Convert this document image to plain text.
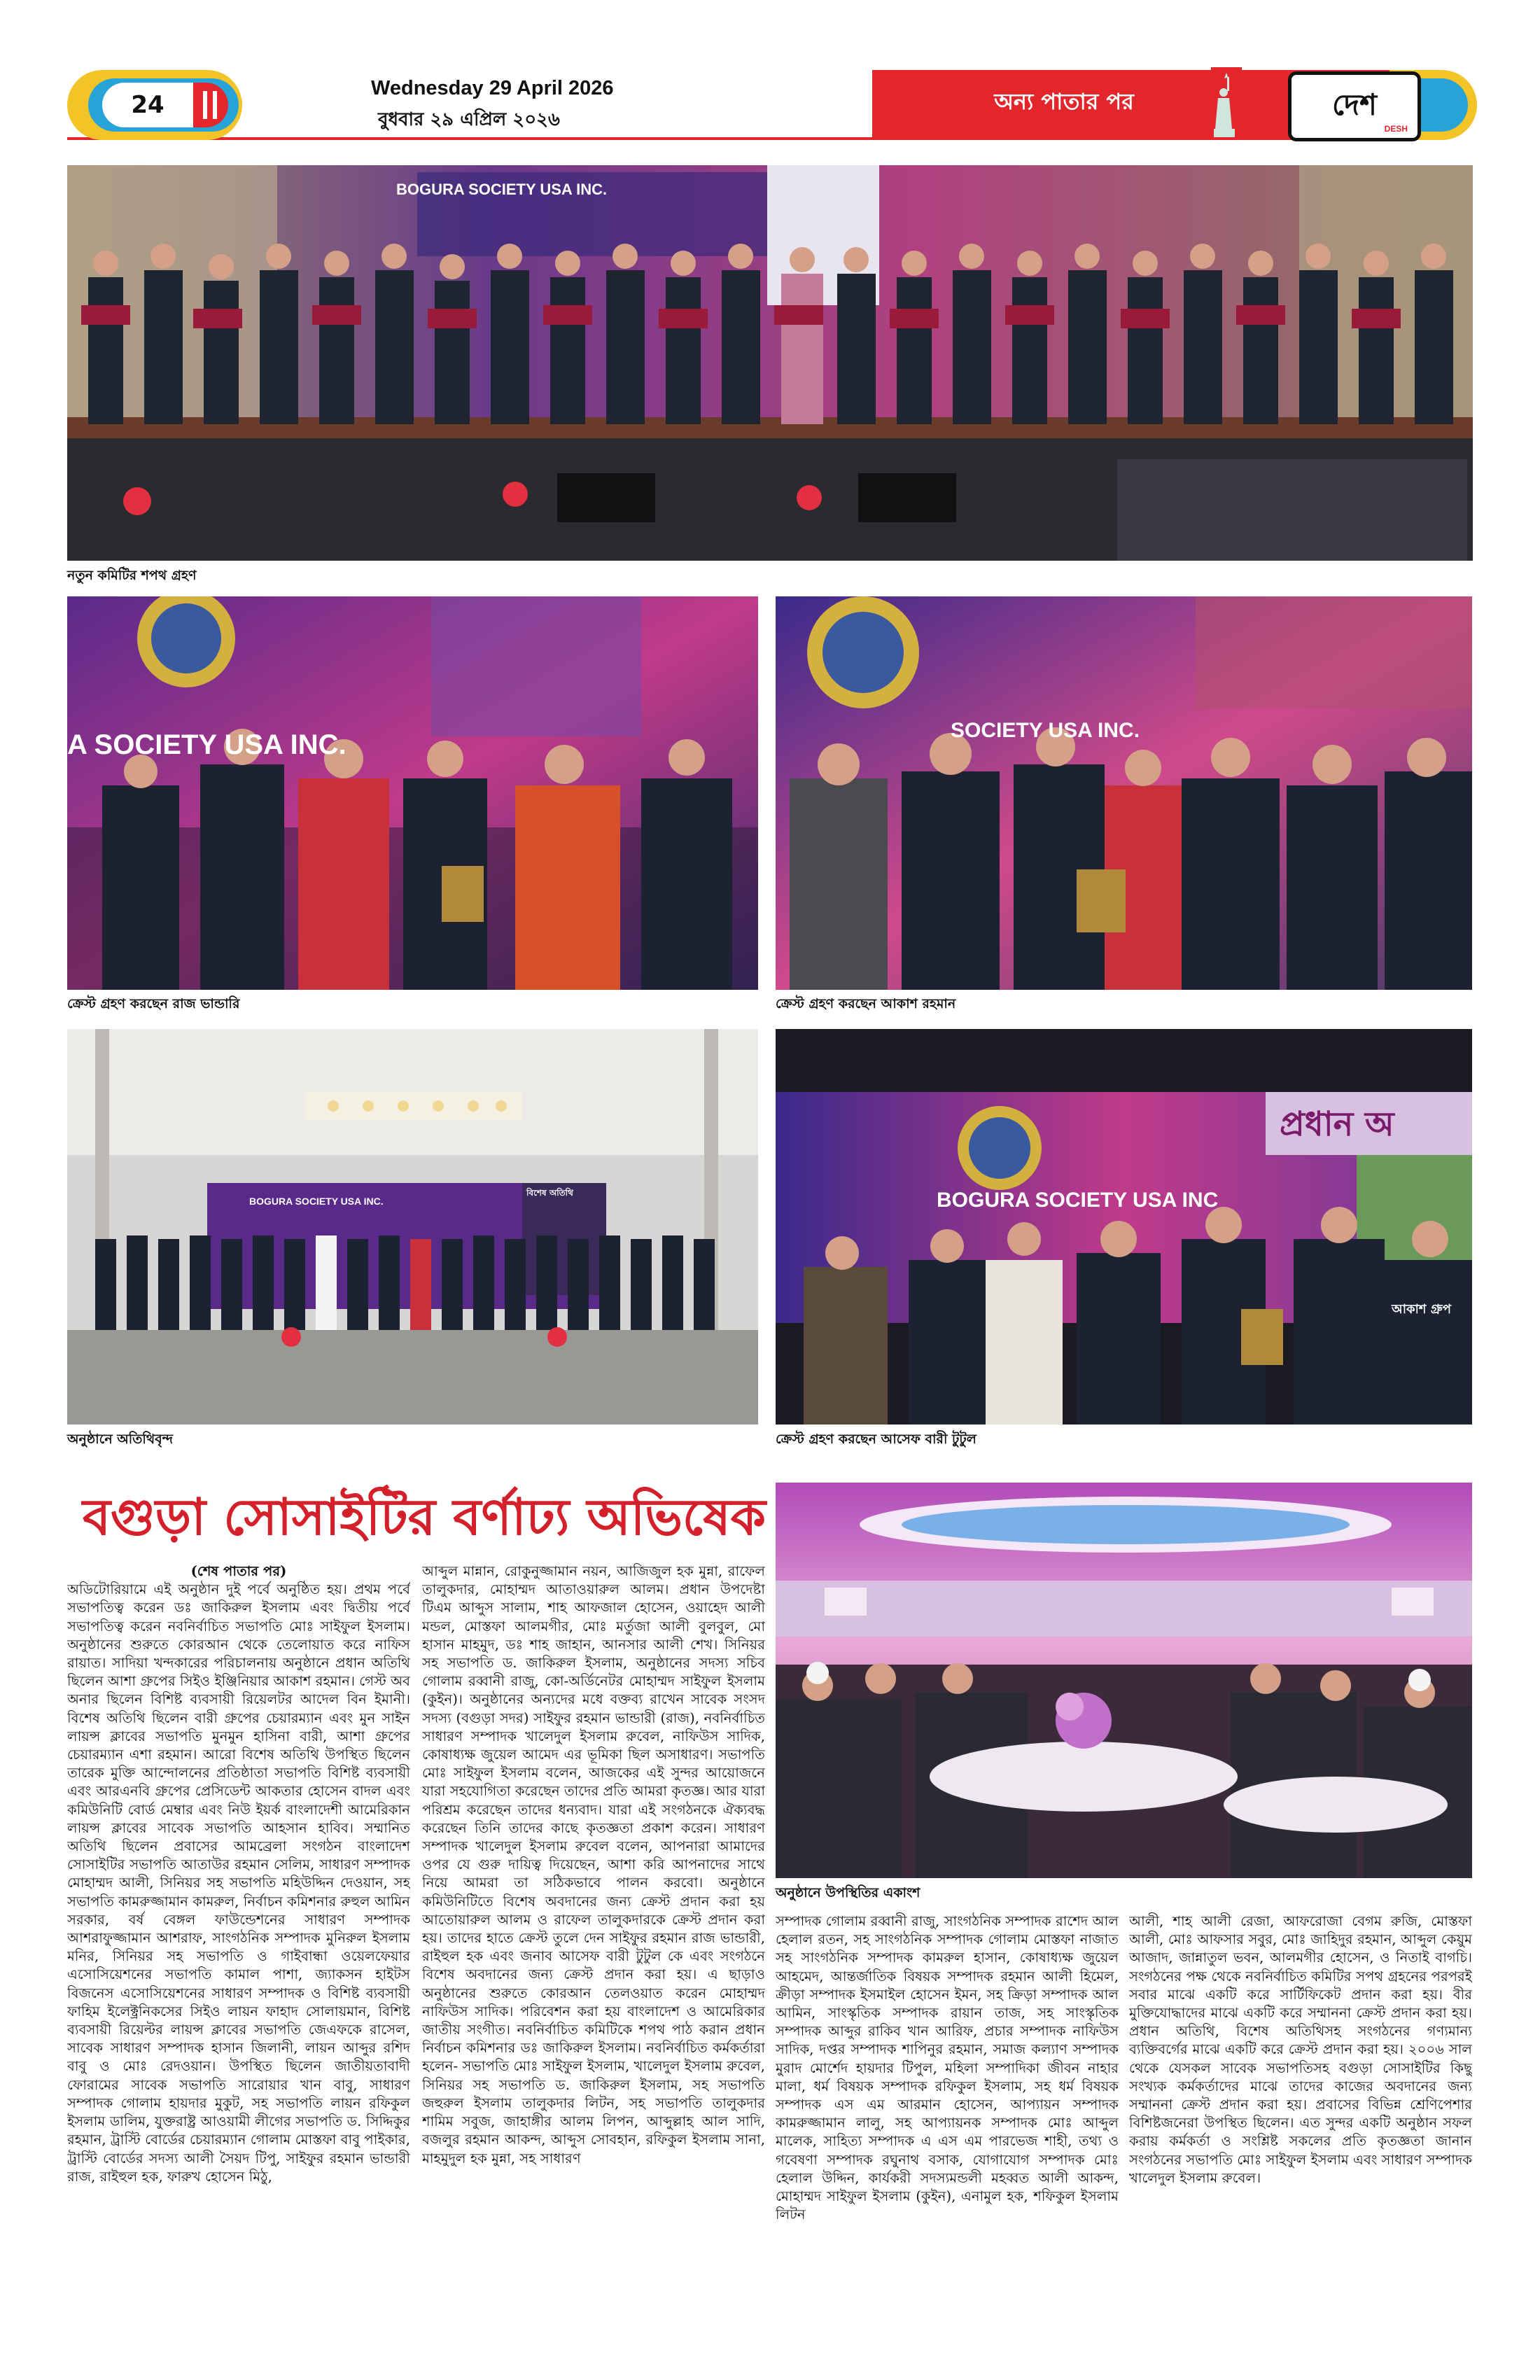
24
Wednesday 29 April 2026
বুধবার ২৯ এপ্রিল ২০২৬
অন্য পাতার পর	দেশ
DESH
BOGURA SOCIETY USA INC.
নতুন কমিটির শপথ গ্রহণ
A SOCIETY USA INC.
ক্রেস্ট গ্রহণ করছেন রাজ ভান্ডারি
SOCIETY USA INC.
ক্রেস্ট গ্রহণ করছেন আকাশ রহমান
BOGURA SOCIETY USA INC.
বিশেষ অতিথি
অনুষ্ঠানে অতিথিবৃন্দ
BOGURA SOCIETY USA INC
প্রধান অ
আকাশ গ্রুপ
ক্রেস্ট গ্রহণ করছেন আসেফ বারী টুটুল
বগুড়া সোসাইটির বর্ণাঢ্য অভিষেক
অনুষ্ঠানে উপস্থিতির একাংশ

(শেষ পাতার পর)

অডিটোরিয়ামে এই অনুষ্ঠান দুই পর্বে অনুষ্ঠিত হয়। প্রথম পর্বে সভাপতিত্ব করেন ডঃ জাকিরুল ইসলাম এবং দ্বিতীয় পর্বে সভাপতিত্ব করেন নবনির্বাচিত সভাপতি মোঃ সাইফুল ইসলাম। অনুষ্ঠানের শুরুতে কোরআন থেকে তেলোয়াত করে নাফিস রায়াত। সাদিয়া খন্দকারের পরিচালনায় অনুষ্ঠানে প্রধান অতিথি ছিলেন আশা গ্রুপের সিইও ইঞ্জিনিয়ার আকাশ রহমান। গেস্ট অব অনার ছিলেন বিশিষ্ট ব্যবসায়ী রিয়েলটর আদেল বিন ইমানী। বিশেষ অতিথি ছিলেন বারী গ্রুপের চেয়ারম্যান এবং মুন সাইন লায়ন্স ক্লাবের সভাপতি মুনমুন হাসিনা বারী, আশা গ্রুপের চেয়ারম্যান এশা রহমান। আরো বিশেষ অতিথি উপস্থিত ছিলেন তারেক মুক্তি আন্দোলনের প্রতিষ্ঠাতা সভাপতি বিশিষ্ট ব্যবসায়ী এবং আরএনবি গ্রুপের প্রেসিডেন্ট আকতার হোসেন বাদল এবং কমিউনিটি বোর্ড মেম্বার এবং নিউ ইয়র্ক বাংলাদেশী আমেরিকান লায়ন্স ক্লাবের সাবেক সভাপতি আহসান হাবিব। সম্মানিত অতিথি ছিলেন প্রবাসের আমব্রেলা সংগঠন বাংলাদেশ সোসাইটির সভাপতি আতাউর রহমান সেলিম, সাধারণ সম্পাদক মোহাম্মদ আলী, সিনিয়র সহ সভাপতি মহিউদ্দিন দেওয়ান, সহ সভাপতি কামরুজ্জামান কামরুল, নির্বাচন কমিশনার রুহুল আমিন সরকার, বর্ষ বেঙ্গল ফাউন্ডেশনের সাধারণ সম্পাদক আশরাফুজ্জামান আশরাফ, সাংগঠনিক সম্পাদক মুনিরুল ইসলাম মনির, সিনিয়র সহ সভাপতি ও গাইবান্ধা ওয়েলফেয়ার এসোসিয়েশনের সভাপতি কামাল পাশা, জ্যাকসন হাইটস বিজনেস এসোসিয়েশনের সাধারণ সম্পাদক ও বিশিষ্ট ব্যবসায়ী ফাহিম ইলেক্ট্রনিকসের সিইও লায়ন ফাহাদ সোলায়মান, বিশিষ্ট ব্যবসায়ী রিয়েল্টর লায়ন্স ক্লাবের সভাপতি জেএফকে রাসেল, সাবেক সাধারণ সম্পাদক হাসান জিলানী, লায়ন আব্দুর রশিদ বাবু ও মোঃ রেদওয়ান। উপস্থিত ছিলেন জাতীয়তাবাদী ফোরামের সাবেক সভাপতি সারোয়ার খান বাবু, সাধারণ সম্পাদক গোলাম হায়দার মুকুট, সহ সভাপতি লায়ন রফিকুল ইসলাম ডালিম, যুক্তরাষ্ট্র আওয়ামী লীগের সভাপতি ড. সিদ্দিকুর রহমান, ট্রাস্টি বোর্ডের চেয়ারম্যান গোলাম মোস্তফা বাবু পাইকার, ট্রাস্টি বোর্ডের সদস্য আলী সৈয়দ টিপু, সাইফুর রহমান ভান্ডারী রাজ, রাইহুল হক, ফারুখ হোসেন মিঠু,

আব্দুল মান্নান, রোকুনুজ্জামান নয়ন, আজিজুল হক মুন্না, রাফেল তালুকদার, মোহাম্মদ আতাওয়ারুল আলম। প্রধান উপদেষ্টা টিএম আব্দুস সালাম, শাহ আফজাল হোসেন, ওয়াহেদ আলী মন্ডল, মোস্তফা আলমগীর, মোঃ মর্তুজা আলী বুলবুল, মো হাসান মাহমুদ, ডঃ শাহ জাহান, আনসার আলী শেখ। সিনিয়র সহ সভাপতি ড. জাকিরুল ইসলাম, অনুষ্ঠানের সদস্য সচিব গোলাম রব্বানী রাজু, কো-অর্ডিনেটর মোহাম্মদ সাইফুল ইসলাম (কুইন)। অনুষ্ঠানের অন্যদের মধে বক্তব্য রাখেন সাবেক সংসদ সদস্য (বগুড়া সদর) সাইফুর রহমান ভান্ডারী (রাজ), নবনির্বাচিত সাধারণ সম্পাদক খালেদুল ইসলাম রুবেল, নাফিউস সাদিক, কোষাধ্যক্ষ জুয়েল আমেদ এর ভূমিকা ছিল অসাধারণ। সভাপতি মোঃ সাইফুল ইসলাম বলেন, আজকের এই সুন্দর আয়োজনে যারা সহযোগিতা করেছেন তাদের প্রতি আমরা কৃতজ্ঞ। আর যারা পরিশ্রম করেছেন তাদের ধন্যবাদ। যারা এই সংগঠনকে ঐক্যবদ্ধ করেছেন তিনি তাদের কাছে কৃতজ্ঞতা প্রকাশ করেন। সাধারণ সম্পাদক খালেদুল ইসলাম রুবেল বলেন, আপনারা আমাদের ওপর যে গুরু দায়িত্ব দিয়েছেন, আশা করি আপনাদের সাথে নিয়ে আমরা তা সঠিকভাবে পালন করবো। অনুষ্ঠানে কমিউনিটিতে বিশেষ অবদানের জন্য ক্রেস্ট প্রদান করা হয় আতোয়ারুল আলম ও রাফেল তালুকদারকে ক্রেস্ট প্রদান করা হয়। তাদের হাতে ক্রেস্ট তুলে দেন সাইফুর রহমান রাজ ভান্ডারী, রাইহুল হক এবং জনাব আসেফ বারী টুটুল কে এবং সংগঠনে বিশেষ অবদানের জন্য ক্রেস্ট প্রদান করা হয়। এ ছাড়াও অনুষ্ঠানের শুরুতে কোরআন তেলওয়াত করেন মোহাম্মদ নাফিউস সাদিক। পরিবেশন করা হয় বাংলাদেশ ও আমেরিকার জাতীয় সংগীত। নবনির্বাচিত কমিটিকে শপথ পাঠ করান প্রধান নির্বাচন কমিশনার ডঃ জাকিরুল ইসলাম। নবনির্বাচিত কর্মকর্তারা হলেন- সভাপতি মোঃ সাইফুল ইসলাম, খালেদুল ইসলাম রুবেল, সিনিয়র সহ সভাপতি ড. জাকিরুল ইসলাম, সহ সভাপতি জহুরুল ইসলাম তালুকদার লিটন, সহ সভাপতি তালুকদার শামিম সবুজ, জাহাঙ্গীর আলম লিপন, আব্দুল্লাহ আল সাদি, বজলুর রহমান আকন্দ, আব্দুস সোবহান, রফিকুল ইসলাম সানা, মাহমুদুল হক মুন্না, সহ সাধারণ

সম্পাদক গোলাম রব্বানী রাজু, সাংগঠনিক সম্পাদক রাশেদ আল হেলাল রতন, সহ সাংগঠনিক সম্পাদক গোলাম মোস্তফা নাজাত সহ সাংগঠনিক সম্পাদক কামরুল হাসান, কোষাধ্যক্ষ জুয়েল আহমেদ, আন্তর্জাতিক বিষয়ক সম্পাদক রহমান আলী হিমেল, ক্রীড়া সম্পাদক ইসমাইল হোসেন ইমন, সহ ক্রিড়া সম্পাদক আল আমিন, সাংস্কৃতিক সম্পাদক রায়ান তাজ, সহ সাংস্কৃতিক সম্পাদক আব্দুর রাকিব খান আরিফ, প্রচার সম্পাদক নাফিউস সাদিক, দপ্তর সম্পাদক শাপিনুর রহমান, সমাজ কল্যাণ সম্পাদক মুরাদ মোর্শেদ হায়দার টিপুল, মহিলা সম্পাদিকা জীবন নাহার মালা, ধর্ম বিষয়ক সম্পাদক রফিকুল ইসলাম, সহ ধর্ম বিষয়ক সম্পাদক এস এম আরমান হোসেন, আপ্যায়ন সম্পাদক কামরুজ্জামান লালু, সহ আপ্যায়নক সম্পাদক মোঃ আব্দুল মালেক, সাহিত্য সম্পাদক এ এস এম পারভেজ শাহী, তথ্য ও গবেষণা সম্পাদক রঘুনাথ বসাক, যোগাযোগ সম্পাদক মোঃ হেলাল উদ্দিন, কার্যকরী সদস্যমন্ডলী মহব্বত আলী আকন্দ, মোহাম্মদ সাইফুল ইসলাম (কুইন), এনামুল হক, শফিকুল ইসলাম লিটন

আলী, শাহ আলী রেজা, আফরোজা বেগম রুজি, মোস্তফা আলী, মোঃ আফসার সবুর, মোঃ জাহিদুর রহমান, আব্দুল কেয়ুম আজাদ, জান্নাতুল ভবন, আলমগীর হোসেন, ও নিতাই বাগচি। সংগঠনের পক্ষ থেকে নবনির্বাচিত কমিটির সপথ গ্রহনের পরপরই সবার মাঝে একটি করে সার্টিফিকেট প্রদান করা হয়। বীর মুক্তিযোদ্ধাদের মাঝে একটি করে সম্মাননা ক্রেস্ট প্রদান করা হয়। প্রধান অতিথি, বিশেষ অতিথিসহ সংগঠনের গণ্যমান্য ব্যক্তিবর্গের মাঝে একটি করে ক্রেস্ট প্রদান করা হয়। ২০০৬ সাল থেকে যেসকল সাবেক সভাপতিসহ বগুড়া সোসাইটির কিছু সংখ্যক কর্মকর্তাদের মাঝে তাদের কাজের অবদানের জন্য সম্মাননা ক্রেস্ট প্রদান করা হয়। প্রবাসের বিভিন্ন শ্রেণিপেশার বিশিষ্টজনেরা উপস্থিত ছিলেন। এত সুন্দর একটি অনুষ্ঠান সফল করায় কর্মকর্তা ও সংশ্লিষ্ট সকলের প্রতি কৃতজ্ঞতা জানান সংগঠনের সভাপতি মোঃ সাইফুল ইসলাম এবং সাধারণ সম্পাদক খালেদুল ইসলাম রুবেল।
